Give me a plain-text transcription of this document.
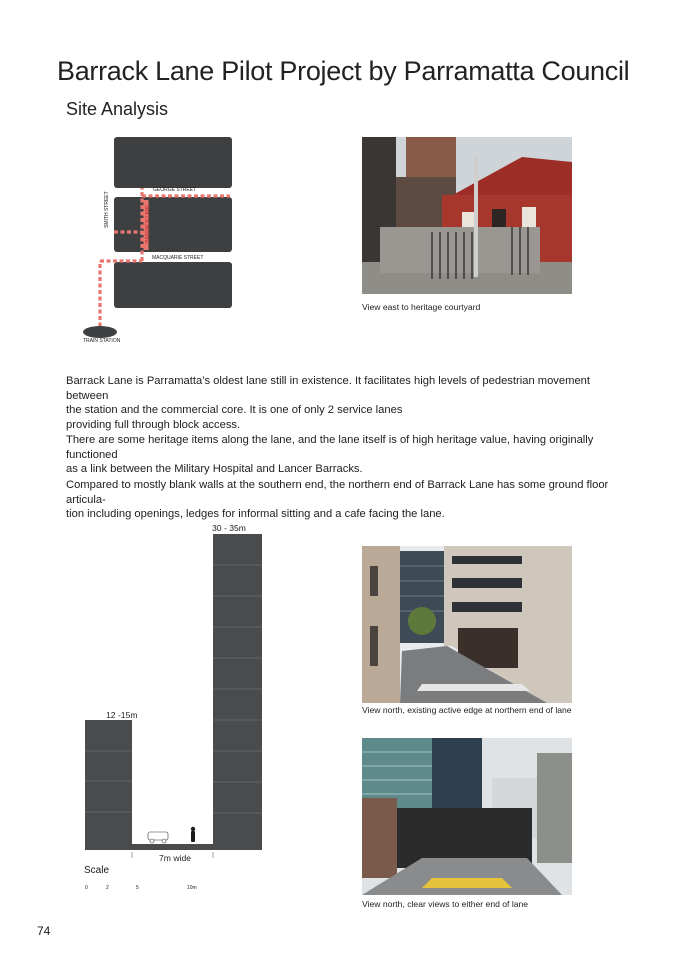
Barrack Lane Pilot Project by Parramatta Council
Site Analysis
GEORGE STREET
MACQUARIE STREET
SMITH STREET	BARRACK LANE
TRAIN STATION
View east to heritage courtyard
Barrack Lane is Parramatta’s oldest lane still in existence. It facilitates high levels of pedestrian movement between
the station and the commercial core. It is one of only 2 service lanes
providing full through block access.
There are some heritage items along the lane, and the lane itself is of high heritage value, having originally functioned
as a link between the Military Hospital and Lancer Barracks.
Compared to mostly blank walls at the southern end, the northern end of Barrack Lane has some ground floor articula-
tion including openings, ledges for informal sitting and a cafe facing the lane.
30 - 35m
12 -15m
7m wide
Scale
0	2	5	10m
View north, existing active edge at northern end of lane
View north, clear views to either end of lane
74
